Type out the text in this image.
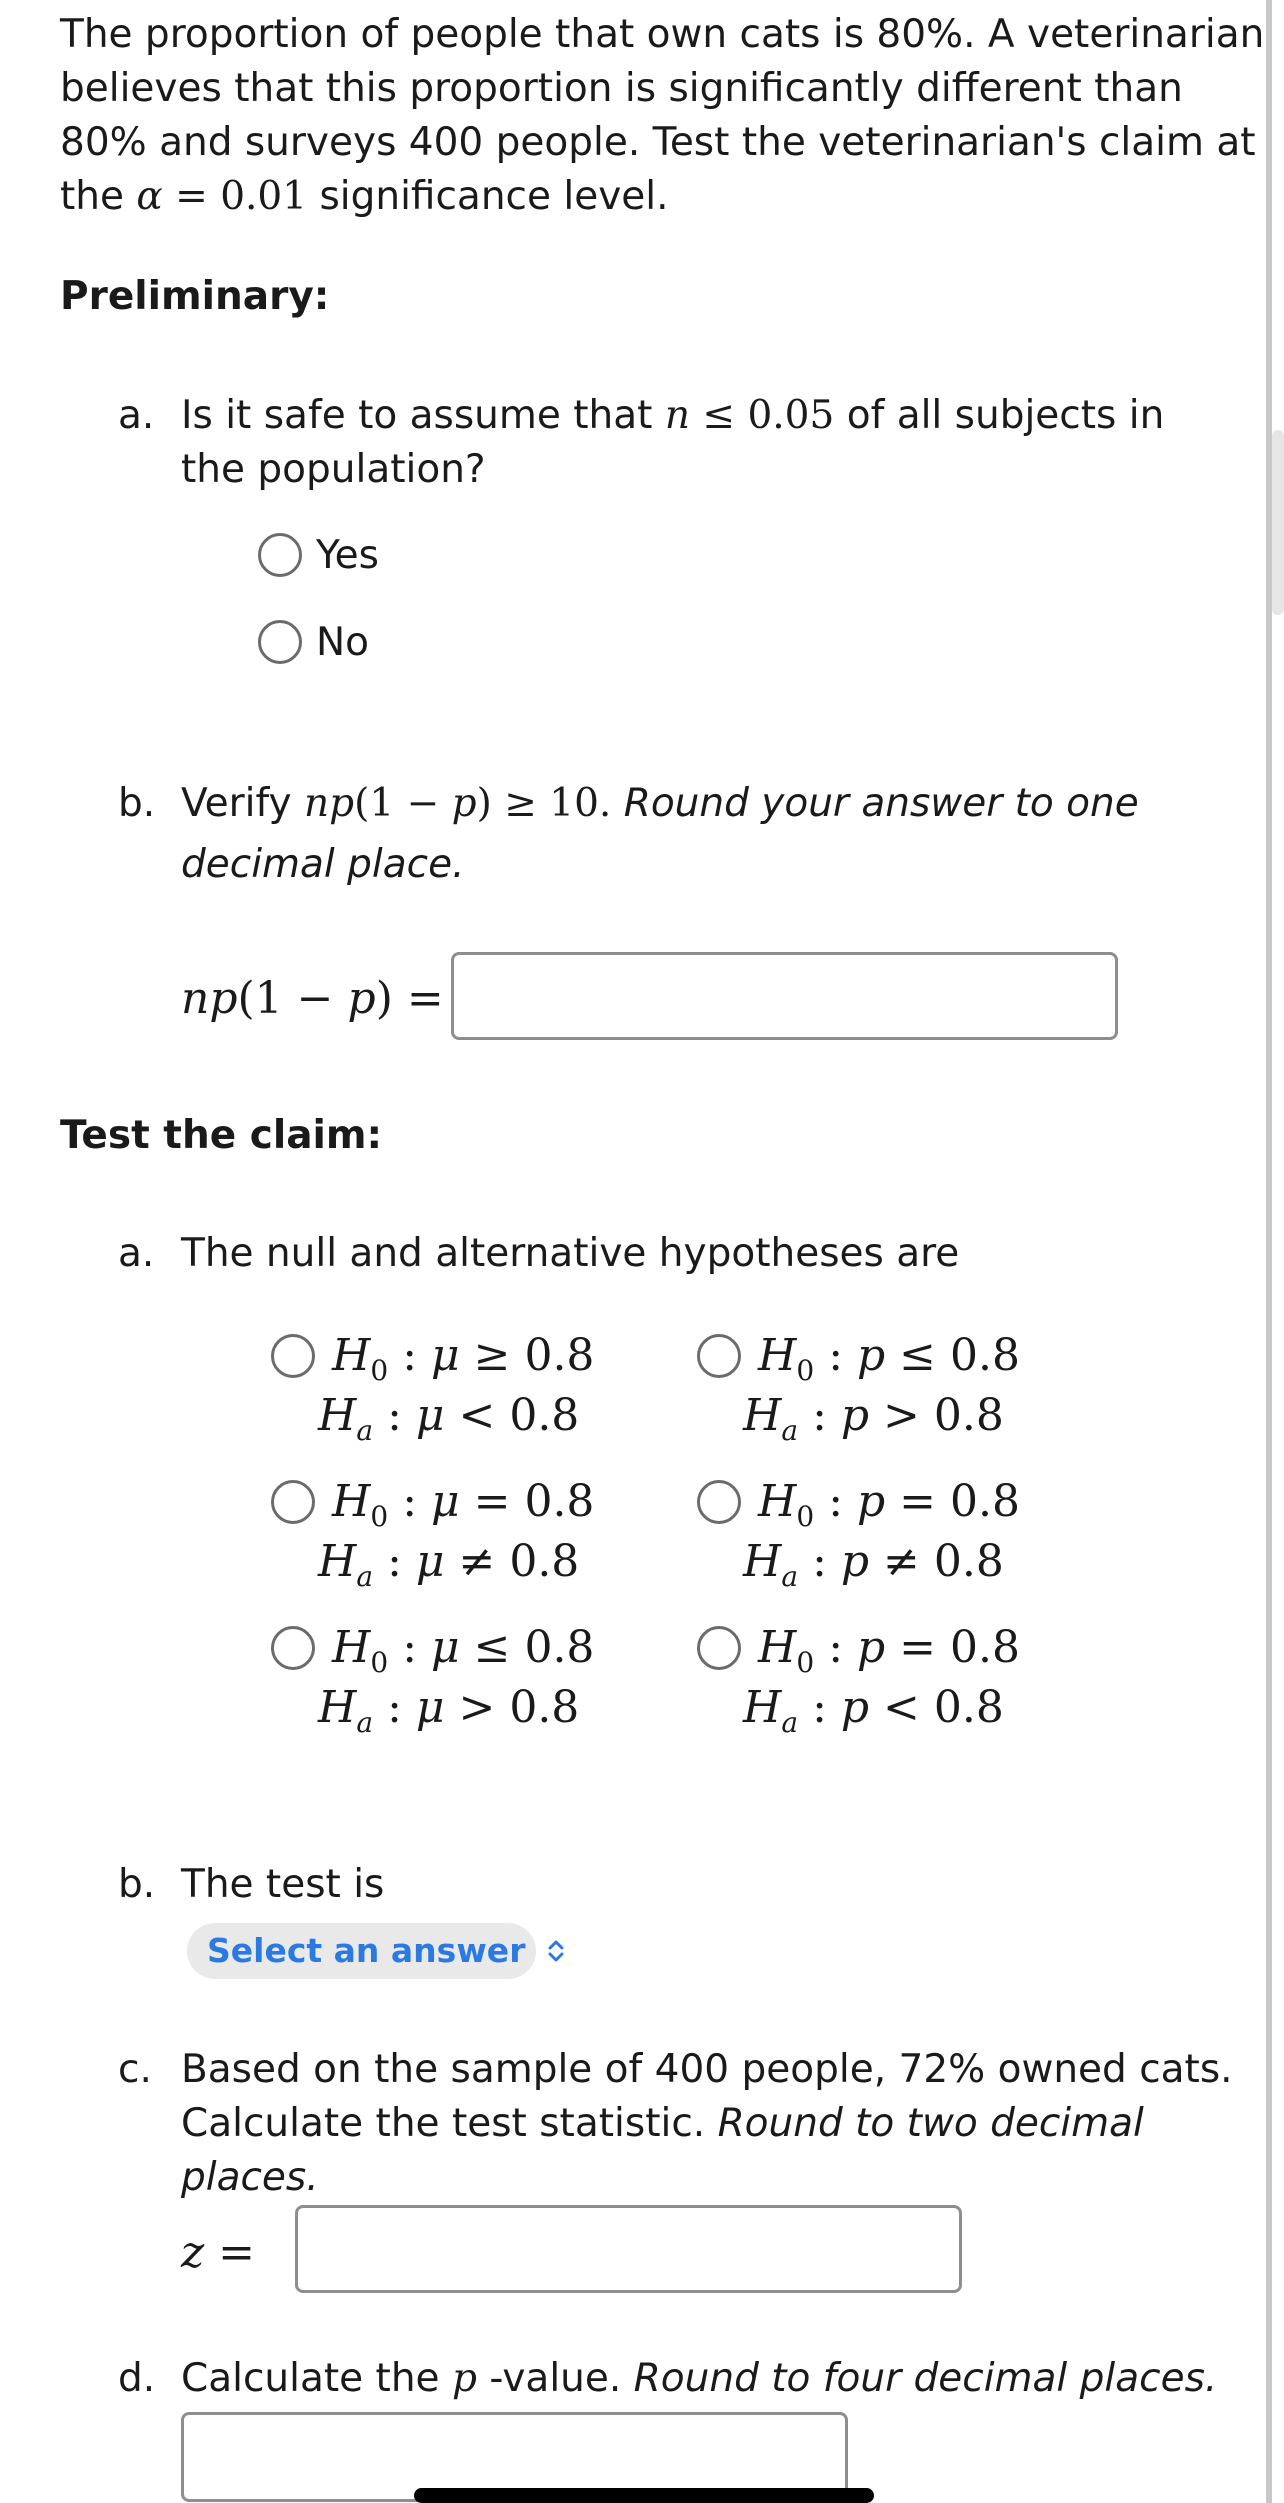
The proportion of people that own cats is 80%. A veterinarian
believes that this proportion is significantly different than
80% and surveys 400 people. Test the veterinarian's claim at
the α = 0.01 significance level.
Preliminary:
a. Is it safe to assume that n ≤ 0.05 of all subjects in
the population?
Yes
No
b. Verify np(1 − p) ≥ 10. Round your answer to one
decimal place.
np(1 − p) =
Test the claim:
a. The null and alternative hypotheses are
$H_0$ : μ ≥ 0.8
$H_a$ : μ < 0.8
$H_0$ : p ≤ 0.8
$H_a$ : p > 0.8
$H_0$ : μ = 0.8
$H_a$ : μ ≠ 0.8
$H_0$ : p = 0.8
$H_a$ : p ≠ 0.8
$H_0$ : μ ≤ 0.8
$H_a$ : μ > 0.8
$H_0$ : p = 0.8
$H_a$ : p < 0.8
b. The test is
Select an answer
c. Based on the sample of 400 people, 72% owned cats.
Calculate the test statistic. Round to two decimal
places.
z =
d. Calculate the p -value. Round to four decimal places.
